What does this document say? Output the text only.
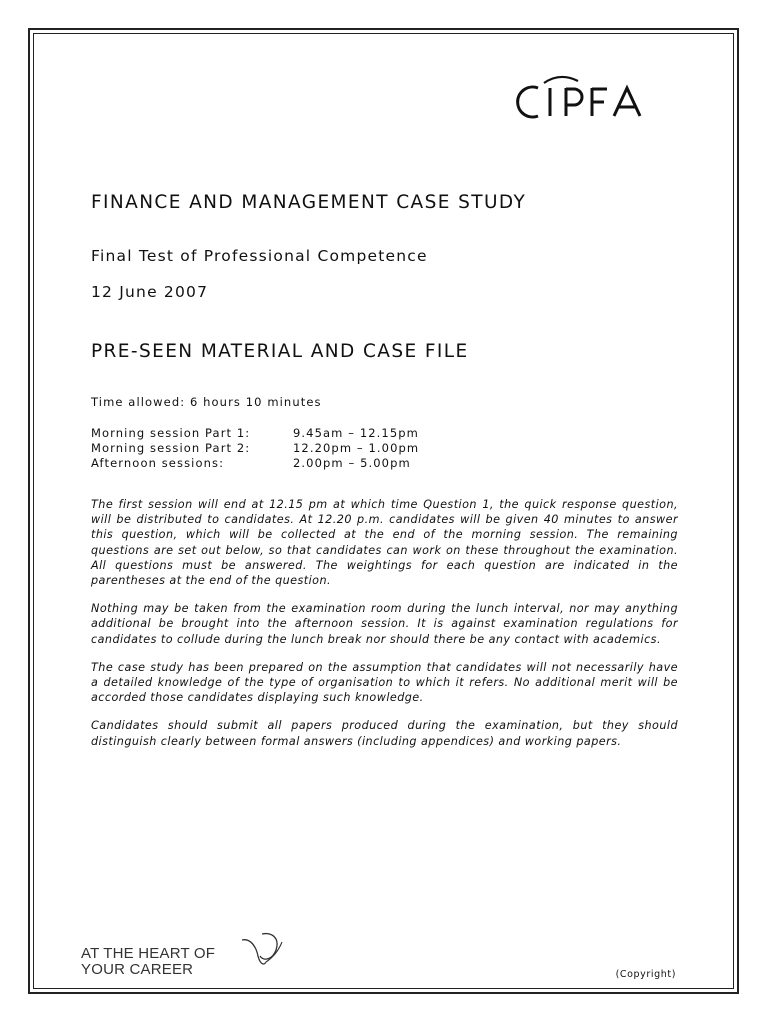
FINANCE AND MANAGEMENT CASE STUDY
Final Test of Professional Competence
12 June 2007
PRE-SEEN MATERIAL AND CASE FILE
Time allowed: 6 hours 10 minutes
Morning session Part 1:	9.45am – 12.15pm
Morning session Part 2:	12.20pm – 1.00pm
Afternoon sessions:	2.00pm – 5.00pm

The first session will end at 12.15 pm at which time Question 1, the quick response question, will be distributed to candidates. At 12.20 p.m. candidates will be given 40 minutes to answer this question, which will be collected at the end of the morning session. The remaining questions are set out below, so that candidates can work on these throughout the examination. All questions must be answered. The weightings for each question are indicated in the parentheses at the end of the question.

Nothing may be taken from the examination room during the lunch interval, nor may anything additional be brought into the afternoon session. It is against examination regulations for candidates to collude during the lunch break nor should there be any contact with academics.

The case study has been prepared on the assumption that candidates will not necessarily have a detailed knowledge of the type of organisation to which it refers. No additional merit will be accorded those candidates displaying such knowledge.

Candidates should submit all papers produced during the examination, but they should distinguish clearly between formal answers (including appendices) and working papers.

AT THE HEART OF
YOUR CAREER	(Copyright)
